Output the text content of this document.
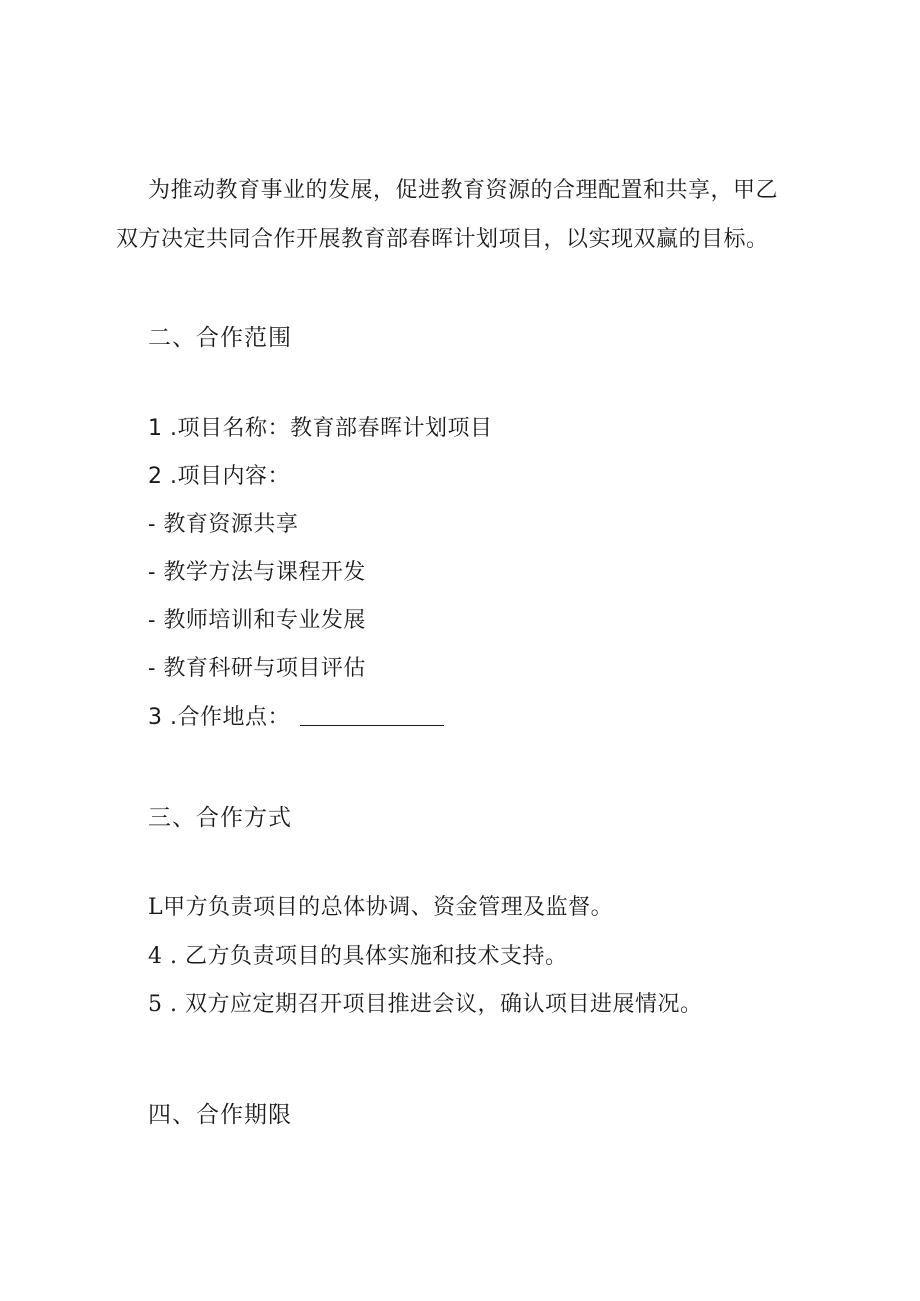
为推动教育事业的发展，促进教育资源的合理配置和共享，甲乙
双方决定共同合作开展教育部春晖计划项目，以实现双赢的目标。
二、合作范围
1 .项目名称：教育部春晖计划项目
2 .项目内容：
- 教育资源共享
- 教学方法与课程开发
- 教师培训和专业发展
- 教育科研与项目评估
3 .合作地点：
三、合作方式
L甲方负责项目的总体协调、资金管理及监督。
4 . 乙方负责项目的具体实施和技术支持。
5 . 双方应定期召开项目推进会议，确认项目进展情况。
四、合作期限
